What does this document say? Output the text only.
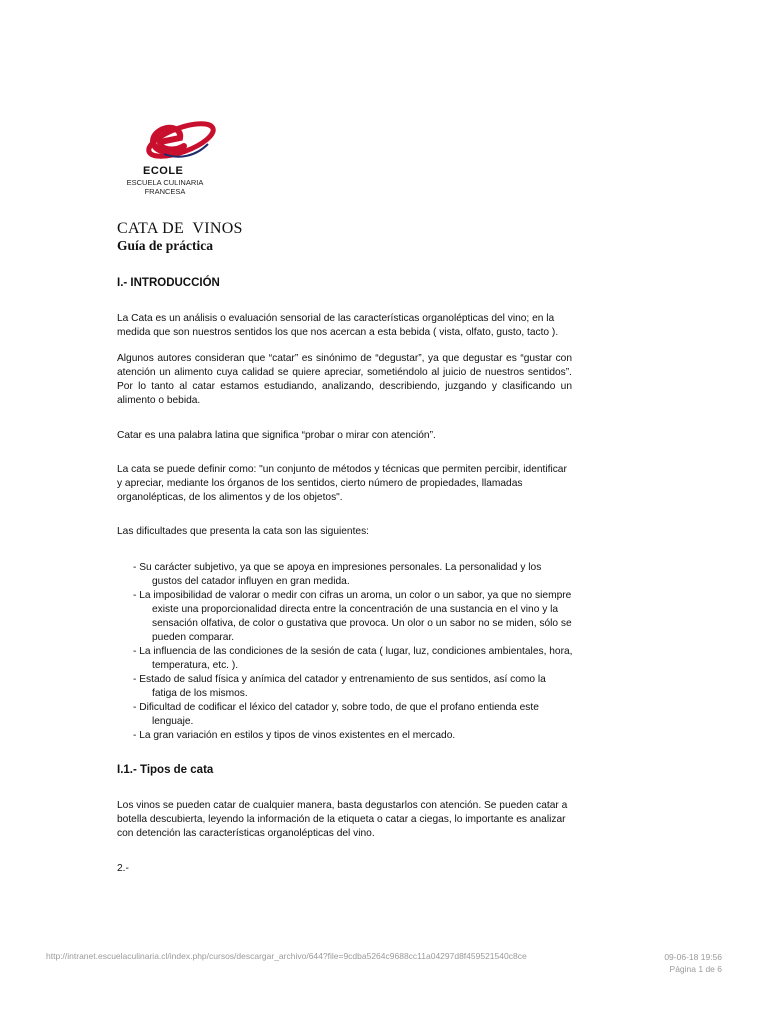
ECOLE
ESCUELA CULINARIA
FRANCESA
CATA DE  VINOS
Guía de práctica
I.- INTRODUCCIÓN
La Cata es un análisis o evaluación sensorial de las características organolépticas del vino; en la medida que son nuestros sentidos los que nos acercan a esta bebida ( vista, olfato, gusto, tacto ).
Algunos autores consideran que “catar” es sinónimo de “degustar”, ya que degustar es “gustar con atención un alimento cuya calidad se quiere apreciar, sometiéndolo al juicio de nuestros sentidos”. Por lo tanto al catar estamos estudiando, analizando, describiendo, juzgando y clasificando un alimento o bebida.
Catar es una palabra latina que significa “probar o mirar con atención”.
La cata se puede definir como: "un conjunto de métodos y técnicas que permiten percibir, identificar y apreciar, mediante los órganos de los sentidos, cierto número de propiedades, llamadas organolépticas, de los alimentos y de los objetos".
Las dificultades que presenta la cata son las siguientes:
- Su carácter subjetivo, ya que se apoya en impresiones personales. La personalidad y los gustos del catador influyen en gran medida.
- La imposibilidad de valorar o medir con cifras un aroma, un color o un sabor, ya que no siempre existe una proporcionalidad directa entre la concentración de una sustancia en el vino y la sensación olfativa, de color o gustativa que provoca. Un olor o un sabor no se miden, sólo se pueden comparar.
- La influencia de las condiciones de la sesión de cata ( lugar, luz, condiciones ambientales, hora, temperatura, etc. ).
- Estado de salud física y anímica del catador y entrenamiento de sus sentidos, así como la fatiga de los mismos.
- Dificultad de codificar el léxico del catador y, sobre todo, de que el profano entienda este lenguaje.
- La gran variación en estilos y tipos de vinos existentes en el mercado.
I.1.- Tipos de cata
Los vinos se pueden catar de cualquier manera, basta degustarlos con atención. Se pueden catar a botella descubierta, leyendo la información de la etiqueta o catar a ciegas, lo importante es analizar con detención las características organolépticas del vino.
2.-
http://intranet.escuelaculinaria.cl/index.php/cursos/descargar_archivo/644?file=9cdba5264c9688cc11a04297d8f459521540c8ce	09-06-18 19:56
Página 1 de 6
